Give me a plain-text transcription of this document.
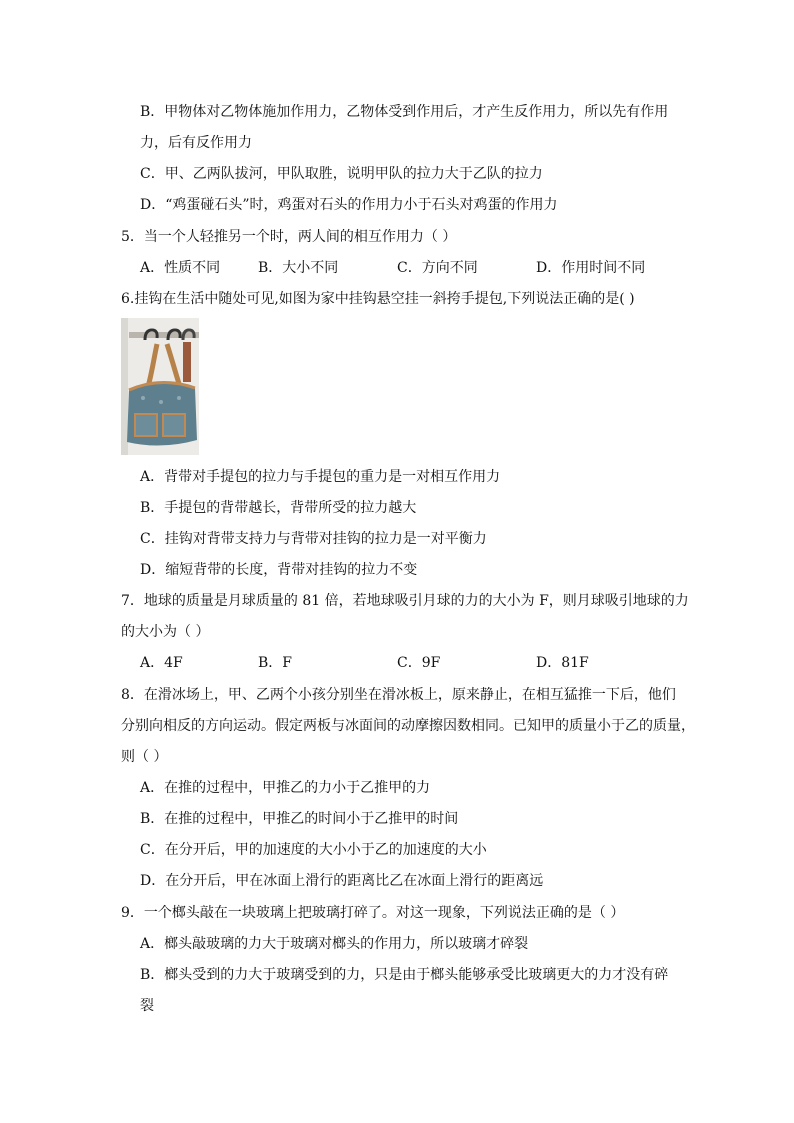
B．甲物体对乙物体施加作用力，乙物体受到作用后，才产生反作用力，所以先有作用
力，后有反作用力
C．甲、乙两队拔河，甲队取胜，说明甲队的拉力大于乙队的拉力
D．“鸡蛋碰石头”时，鸡蛋对石头的作用力小于石头对鸡蛋的作用力
5．当一个人轻推另一个时，两人间的相互作用力（ ）
A．性质不同	B．大小不同	C．方向不同	D．作用时间不同
6.挂钩在生活中随处可见,如图为家中挂钩悬空挂一斜挎手提包,下列说法正确的是( )
A．背带对手提包的拉力与手提包的重力是一对相互作用力
B．手提包的背带越长，背带所受的拉力越大
C．挂钩对背带支持力与背带对挂钩的拉力是一对平衡力
D．缩短背带的长度，背带对挂钩的拉力不变
7．地球的质量是月球质量的 81 倍，若地球吸引月球的力的大小为 F，则月球吸引地球的力
的大小为（ ）
A．4F	B．F	C．9F	D．81F
8．在滑冰场上，甲、乙两个小孩分别坐在滑冰板上，原来静止，在相互猛推一下后，他们
分别向相反的方向运动。假定两板与冰面间的动摩擦因数相同。已知甲的质量小于乙的质量，
则（ ）
A．在推的过程中，甲推乙的力小于乙推甲的力
B．在推的过程中，甲推乙的时间小于乙推甲的时间
C．在分开后，甲的加速度的大小小于乙的加速度的大小
D．在分开后，甲在冰面上滑行的距离比乙在冰面上滑行的距离远
9．一个榔头敲在一块玻璃上把玻璃打碎了。对这一现象，下列说法正确的是（ ）
A．榔头敲玻璃的力大于玻璃对榔头的作用力，所以玻璃才碎裂
B．榔头受到的力大于玻璃受到的力，只是由于榔头能够承受比玻璃更大的力才没有碎
裂
